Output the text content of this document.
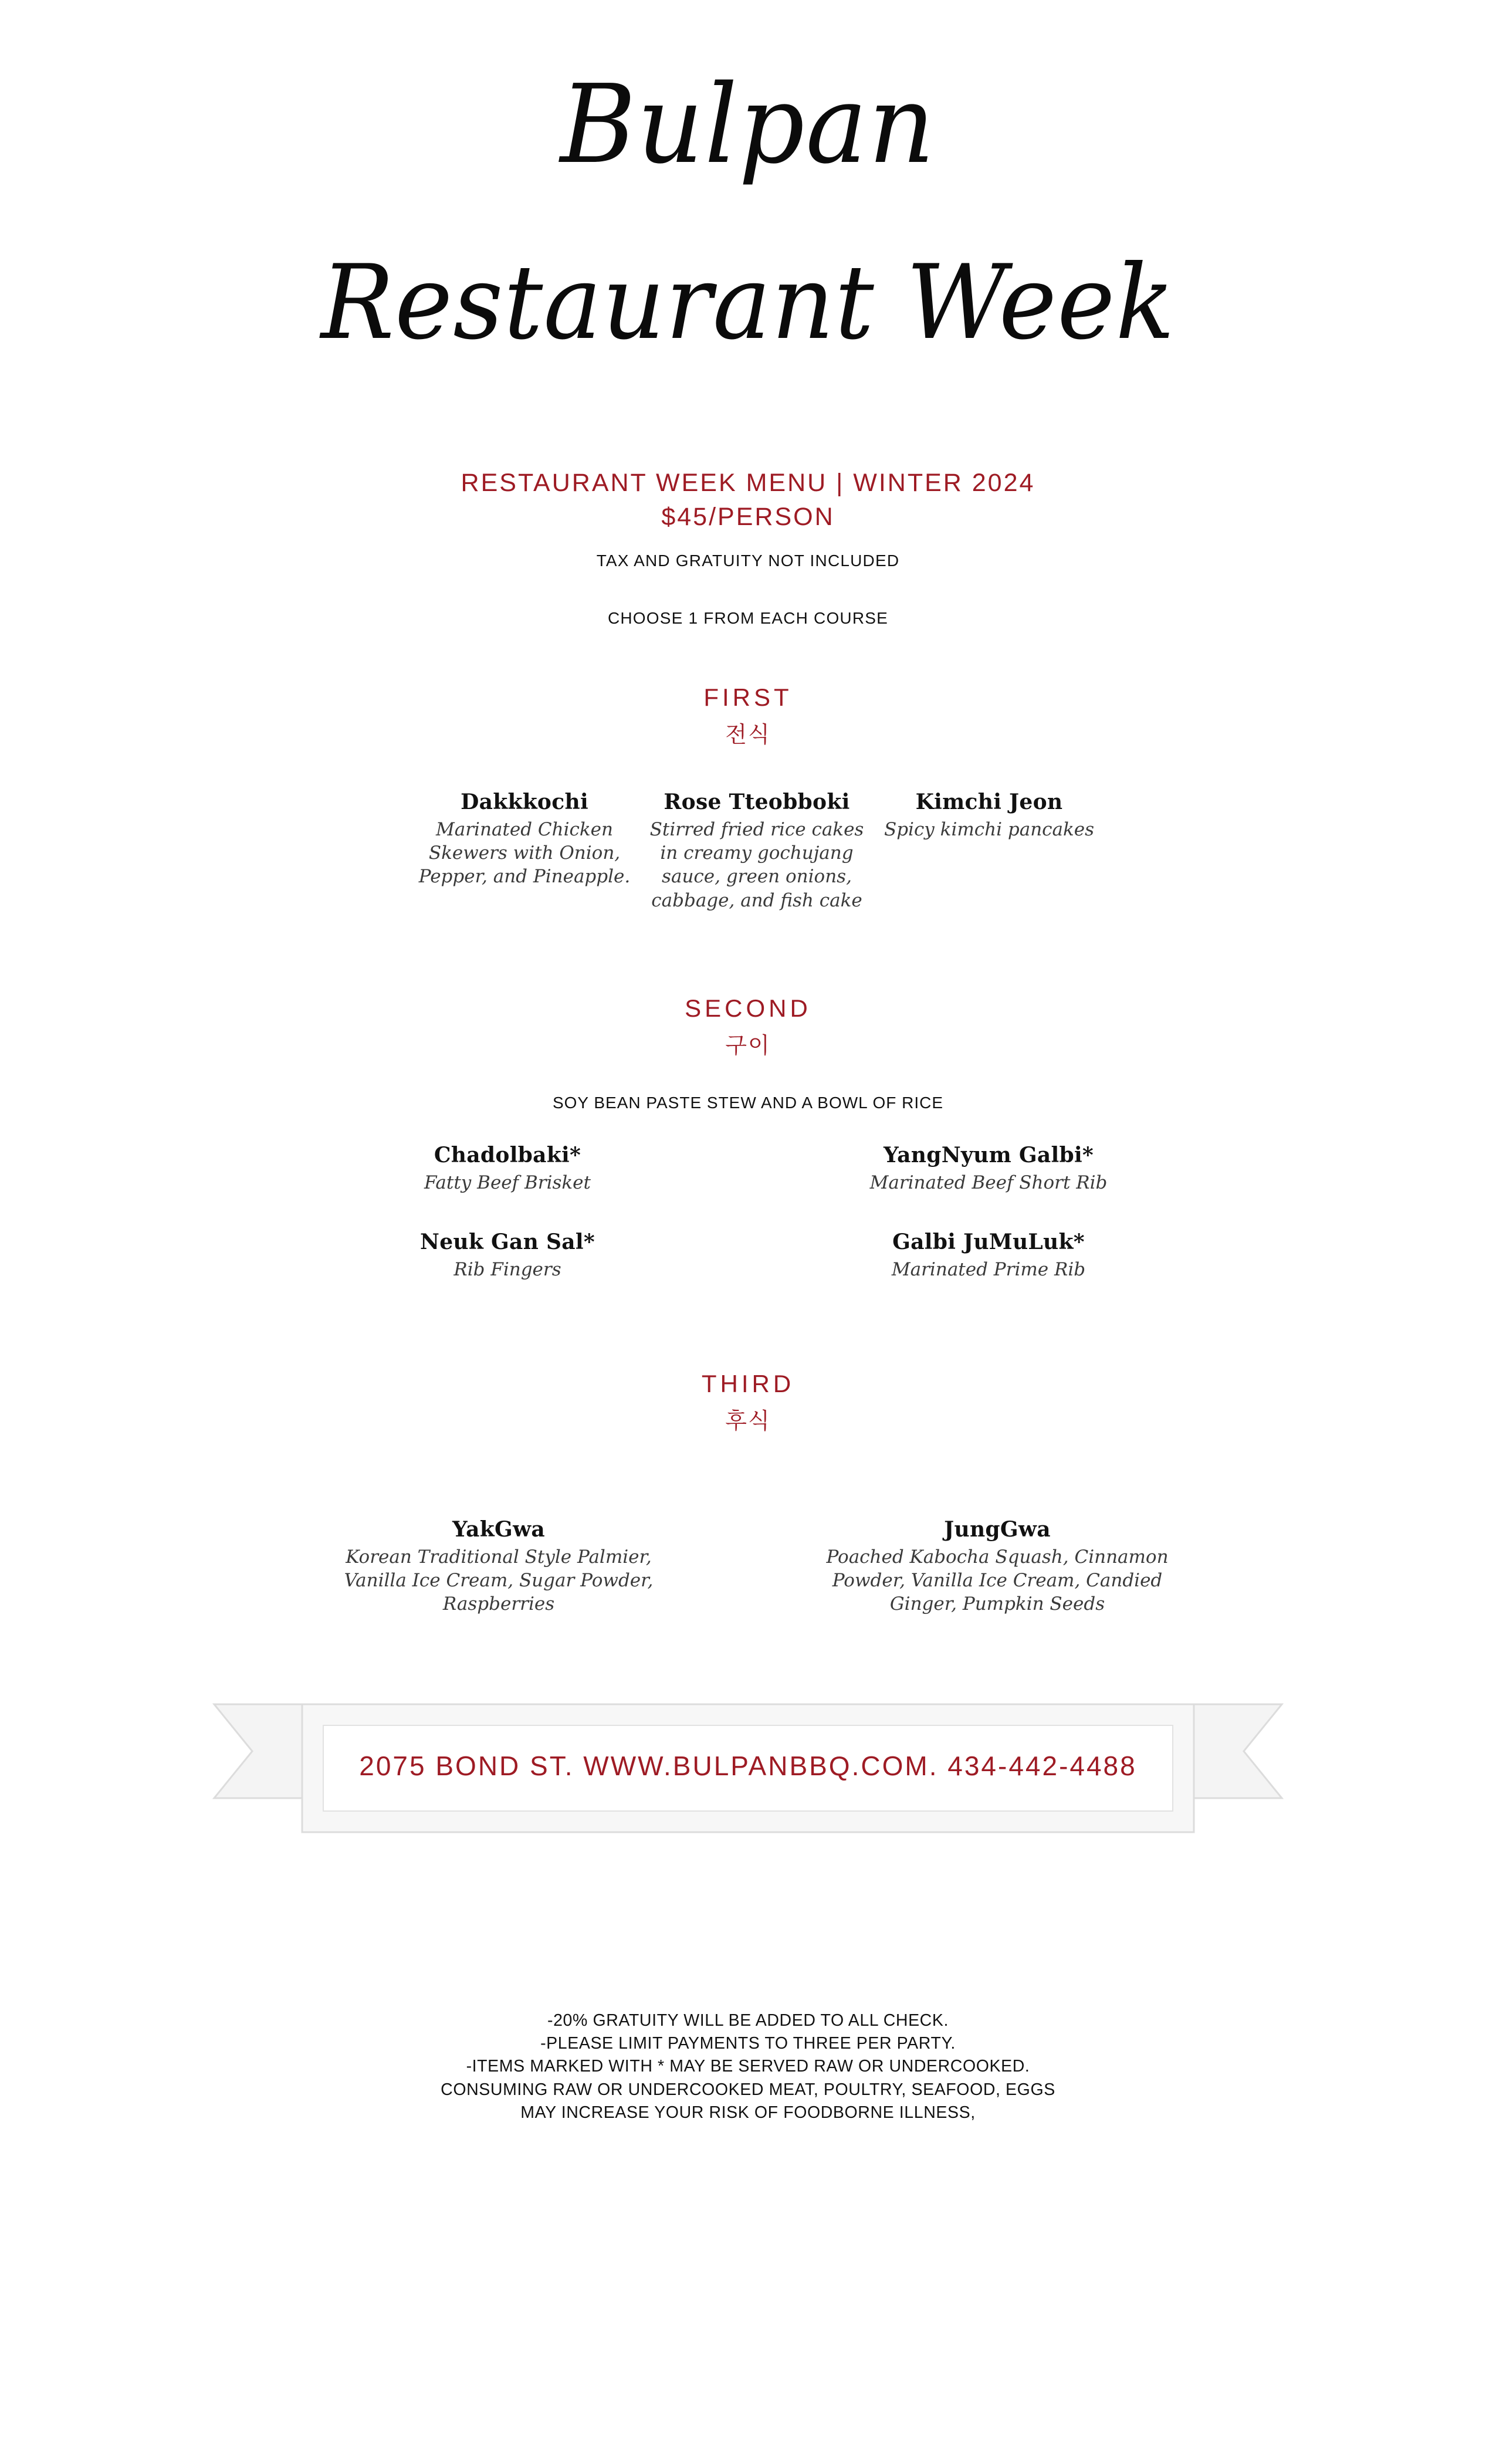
Bulpan
Restaurant Week
RESTAURANT WEEK MENU | WINTER 2024
$45/PERSON
TAX AND GRATUITY NOT INCLUDED
CHOOSE 1 FROM EACH COURSE
FIRST
전식
Dakkkochi
Marinated Chicken Skewers with Onion, Pepper, and Pineapple.
Rose Tteobboki
Stirred fried rice cakes in creamy gochujang sauce, green onions, cabbage, and fish cake
Kimchi Jeon
Spicy kimchi pancakes
SECOND
구이
SOY BEAN PASTE STEW AND A BOWL OF RICE
Chadolbaki*
Fatty Beef Brisket
Neuk Gan Sal*
Rib Fingers
YangNyum Galbi*
Marinated Beef Short Rib
Galbi JuMuLuk*
Marinated Prime Rib
THIRD
후식
YakGwa
Korean Traditional Style Palmier, Vanilla Ice Cream, Sugar Powder, Raspberries
JungGwa
Poached Kabocha Squash, Cinnamon Powder, Vanilla Ice Cream, Candied Ginger, Pumpkin Seeds
2075 BOND ST. WWW.BULPANBBQ.COM. 434-442-4488
-20% GRATUITY WILL BE ADDED TO ALL CHECK.
-PLEASE LIMIT PAYMENTS TO THREE PER PARTY.
-ITEMS MARKED WITH * MAY BE SERVED RAW OR UNDERCOOKED.
CONSUMING RAW OR UNDERCOOKED MEAT, POULTRY, SEAFOOD, EGGS
MAY INCREASE YOUR RISK OF FOODBORNE ILLNESS,
